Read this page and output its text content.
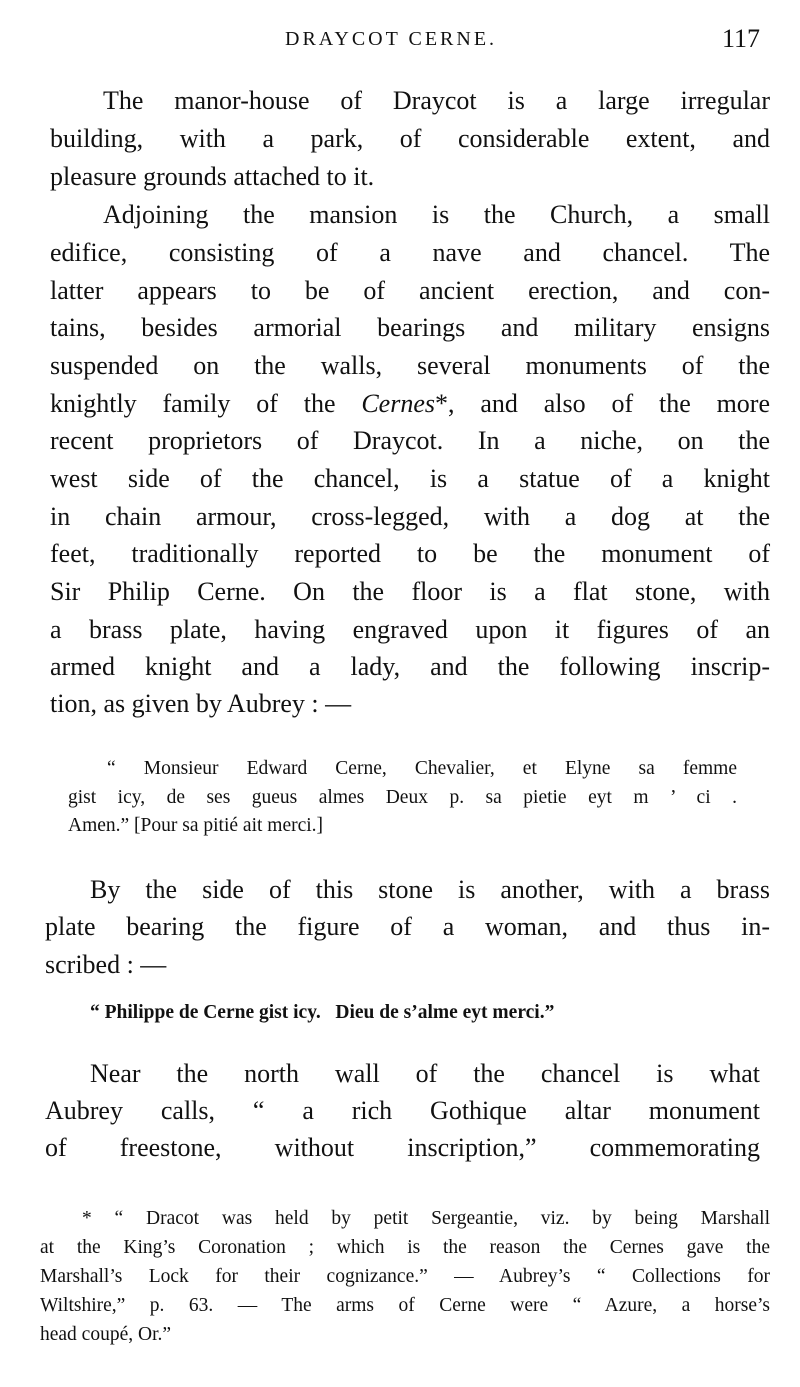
DRAYCOT CERNE.	117
The manor-house of Draycot is a large irregular
building, with a park, of considerable extent, and
pleasure grounds attached to it.
Adjoining the mansion is the Church, a small
edifice, consisting of a nave and chancel. The
latter appears to be of ancient erection, and con-
tains, besides armorial bearings and military ensigns
suspended on the walls, several monuments of the
knightly family of the Cernes*, and also of the more
recent proprietors of Draycot. In a niche, on the
west side of the chancel, is a statue of a knight
in chain armour, cross-legged, with a dog at the
feet, traditionally reported to be the monument of
Sir Philip Cerne. On the floor is a flat stone, with
a brass plate, having engraved upon it figures of an
armed knight and a lady, and the following inscrip-
tion, as given by Aubrey : —
“ Monsieur Edward Cerne, Chevalier, et Elyne sa femme
gist icy, de ses gueus almes Deux p. sa pietie eyt m ’ ci .
Amen.” [Pour sa pitié ait merci.]
By the side of this stone is another, with a brass
plate bearing the figure of a woman, and thus in-
scribed : —
“ Philippe de Cerne gist icy.   Dieu de s’alme eyt merci.”
Near the north wall of the chancel is what
Aubrey calls, “ a rich Gothique altar monument
of freestone, without inscription,” commemorating
* “ Dracot was held by petit Sergeantie, viz. by being Marshall
at the King’s Coronation ; which is the reason the Cernes gave the
Marshall’s Lock for their cognizance.” — Aubrey’s “ Collections for
Wiltshire,” p. 63. — The arms of Cerne were “ Azure, a horse’s
head coupé, Or.”
